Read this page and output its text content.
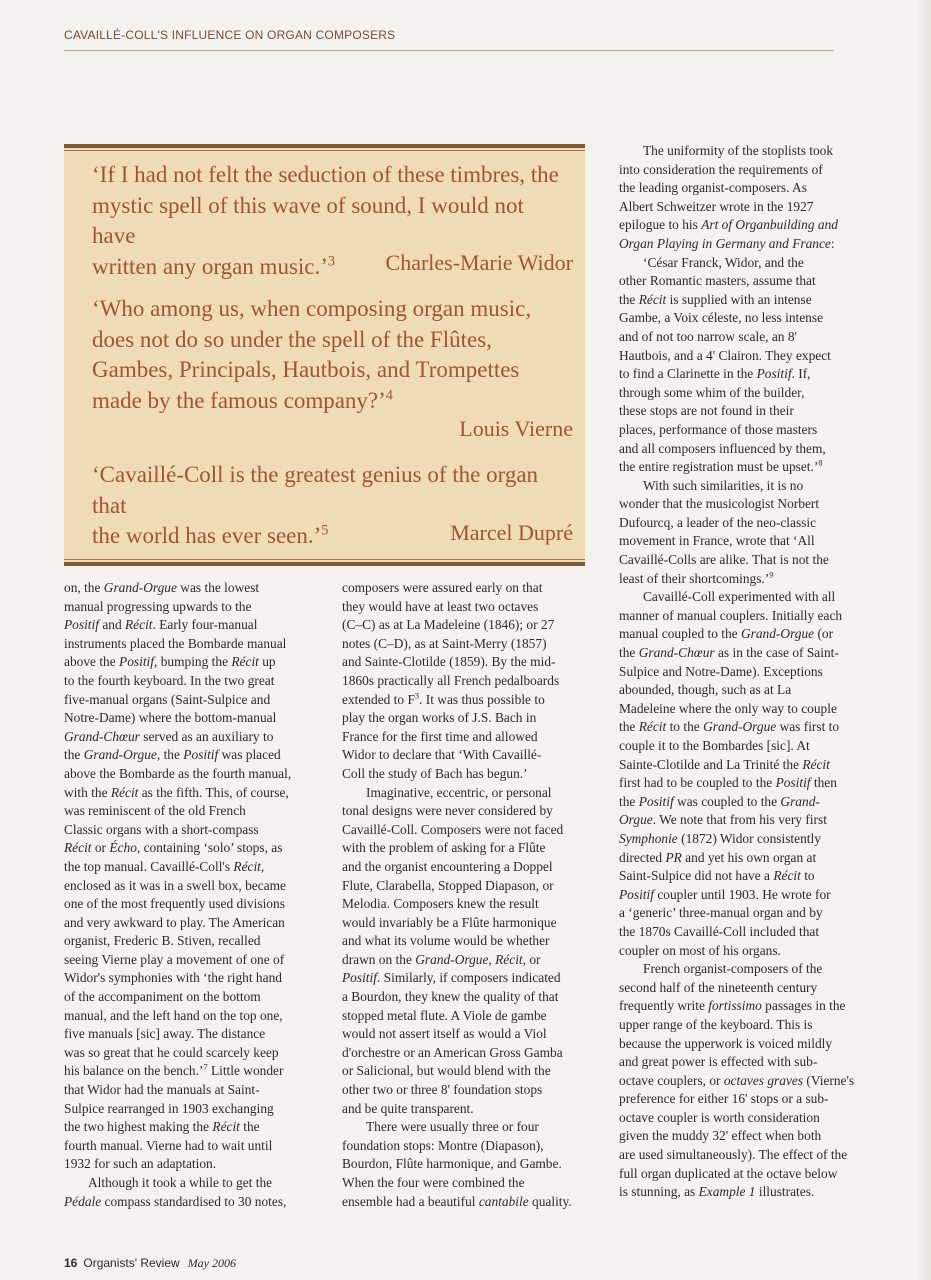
CAVAILLÉ-COLL'S INFLUENCE ON ORGAN COMPOSERS
‘If I had not felt the seduction of these timbres, the
mystic spell of this wave of sound, I would not have
written any organ music.’$^3$	Charles-Marie Widor
‘Who among us, when composing organ music,
does not do so under the spell of the Flûtes,
Gambes, Principals, Hautbois, and Trompettes
made by the famous company?’$^4$
Louis Vierne
‘Cavaillé-Coll is the greatest genius of the organ that
the world has ever seen.’$^5$	Marcel Dupré
on, the Grand-Orgue was the lowest
manual progressing upwards to the
Positif and Récit. Early four-manual
instruments placed the Bombarde manual
above the Positif, bumping the Récit up
to the fourth keyboard. In the two great
five-manual organs (Saint-Sulpice and
Notre-Dame) where the bottom-manual
Grand-Chœur served as an auxiliary to
the Grand-Orgue, the Positif was placed
above the Bombarde as the fourth manual,
with the Récit as the fifth. This, of course,
was reminiscent of the old French
Classic organs with a short-compass
Récit or Écho, containing ‘solo’ stops, as
the top manual. Cavaillé-Coll's Récit,
enclosed as it was in a swell box, became
one of the most frequently used divisions
and very awkward to play. The American
organist, Frederic B. Stiven, recalled
seeing Vierne play a movement of one of
Widor's symphonies with ‘the right hand
of the accompaniment on the bottom
manual, and the left hand on the top one,
five manuals [sic] away. The distance
was so great that he could scarcely keep
his balance on the bench.’$^7$ Little wonder
that Widor had the manuals at Saint-
Sulpice rearranged in 1903 exchanging
the two highest making the Récit the
fourth manual. Vierne had to wait until
1932 for such an adaptation.
Although it took a while to get the
Pédale compass standardised to 30 notes,
composers were assured early on that
they would have at least two octaves
(C–C) as at La Madeleine (1846); or 27
notes (C–D), as at Saint-Merry (1857)
and Sainte-Clotilde (1859). By the mid-
1860s practically all French pedalboards
extended to $F^3$. It was thus possible to
play the organ works of J.S. Bach in
France for the first time and allowed
Widor to declare that ‘With Cavaillé-
Coll the study of Bach has begun.’
Imaginative, eccentric, or personal
tonal designs were never considered by
Cavaillé-Coll. Composers were not faced
with the problem of asking for a Flûte
and the organist encountering a Doppel
Flute, Clarabella, Stopped Diapason, or
Melodia. Composers knew the result
would invariably be a Flûte harmonique
and what its volume would be whether
drawn on the Grand-Orgue, Récit, or
Positif. Similarly, if composers indicated
a Bourdon, they knew the quality of that
stopped metal flute. A Viole de gambe
would not assert itself as would a Viol
d'orchestre or an American Gross Gamba
or Salicional, but would blend with the
other two or three 8' foundation stops
and be quite transparent.
There were usually three or four
foundation stops: Montre (Diapason),
Bourdon, Flûte harmonique, and Gambe.
When the four were combined the
ensemble had a beautiful cantabile quality.
The uniformity of the stoplists took
into consideration the requirements of
the leading organist-composers. As
Albert Schweitzer wrote in the 1927
epilogue to his Art of Organbuilding and
Organ Playing in Germany and France:
‘César Franck, Widor, and the
other Romantic masters, assume that
the Récit is supplied with an intense
Gambe, a Voix céleste, no less intense
and of not too narrow scale, an 8'
Hautbois, and a 4' Clairon. They expect
to find a Clarinette in the Positif. If,
through some whim of the builder,
these stops are not found in their
places, performance of those masters
and all composers influenced by them,
the entire registration must be upset.’$^8$
With such similarities, it is no
wonder that the musicologist Norbert
Dufourcq, a leader of the neo-classic
movement in France, wrote that ‘All
Cavaillé-Colls are alike. That is not the
least of their shortcomings.’$^9$
Cavaillé-Coll experimented with all
manner of manual couplers. Initially each
manual coupled to the Grand-Orgue (or
the Grand-Chœur as in the case of Saint-
Sulpice and Notre-Dame). Exceptions
abounded, though, such as at La
Madeleine where the only way to couple
the Récit to the Grand-Orgue was first to
couple it to the Bombardes [sic]. At
Sainte-Clotilde and La Trinité the Récit
first had to be coupled to the Positif then
the Positif was coupled to the Grand-
Orgue. We note that from his very first
Symphonie (1872) Widor consistently
directed PR and yet his own organ at
Saint-Sulpice did not have a Récit to
Positif coupler until 1903. He wrote for
a ‘generic’ three-manual organ and by
the 1870s Cavaillé-Coll included that
coupler on most of his organs.
French organist-composers of the
second half of the nineteenth century
frequently write fortissimo passages in the
upper range of the keyboard. This is
because the upperwork is voiced mildly
and great power is effected with sub-
octave couplers, or octaves graves (Vierne's
preference for either 16' stops or a sub-
octave coupler is worth consideration
given the muddy 32' effect when both
are used simultaneously). The effect of the
full organ duplicated at the octave below
is stunning, as Example 1 illustrates.
16 Organists' Review May 2006
